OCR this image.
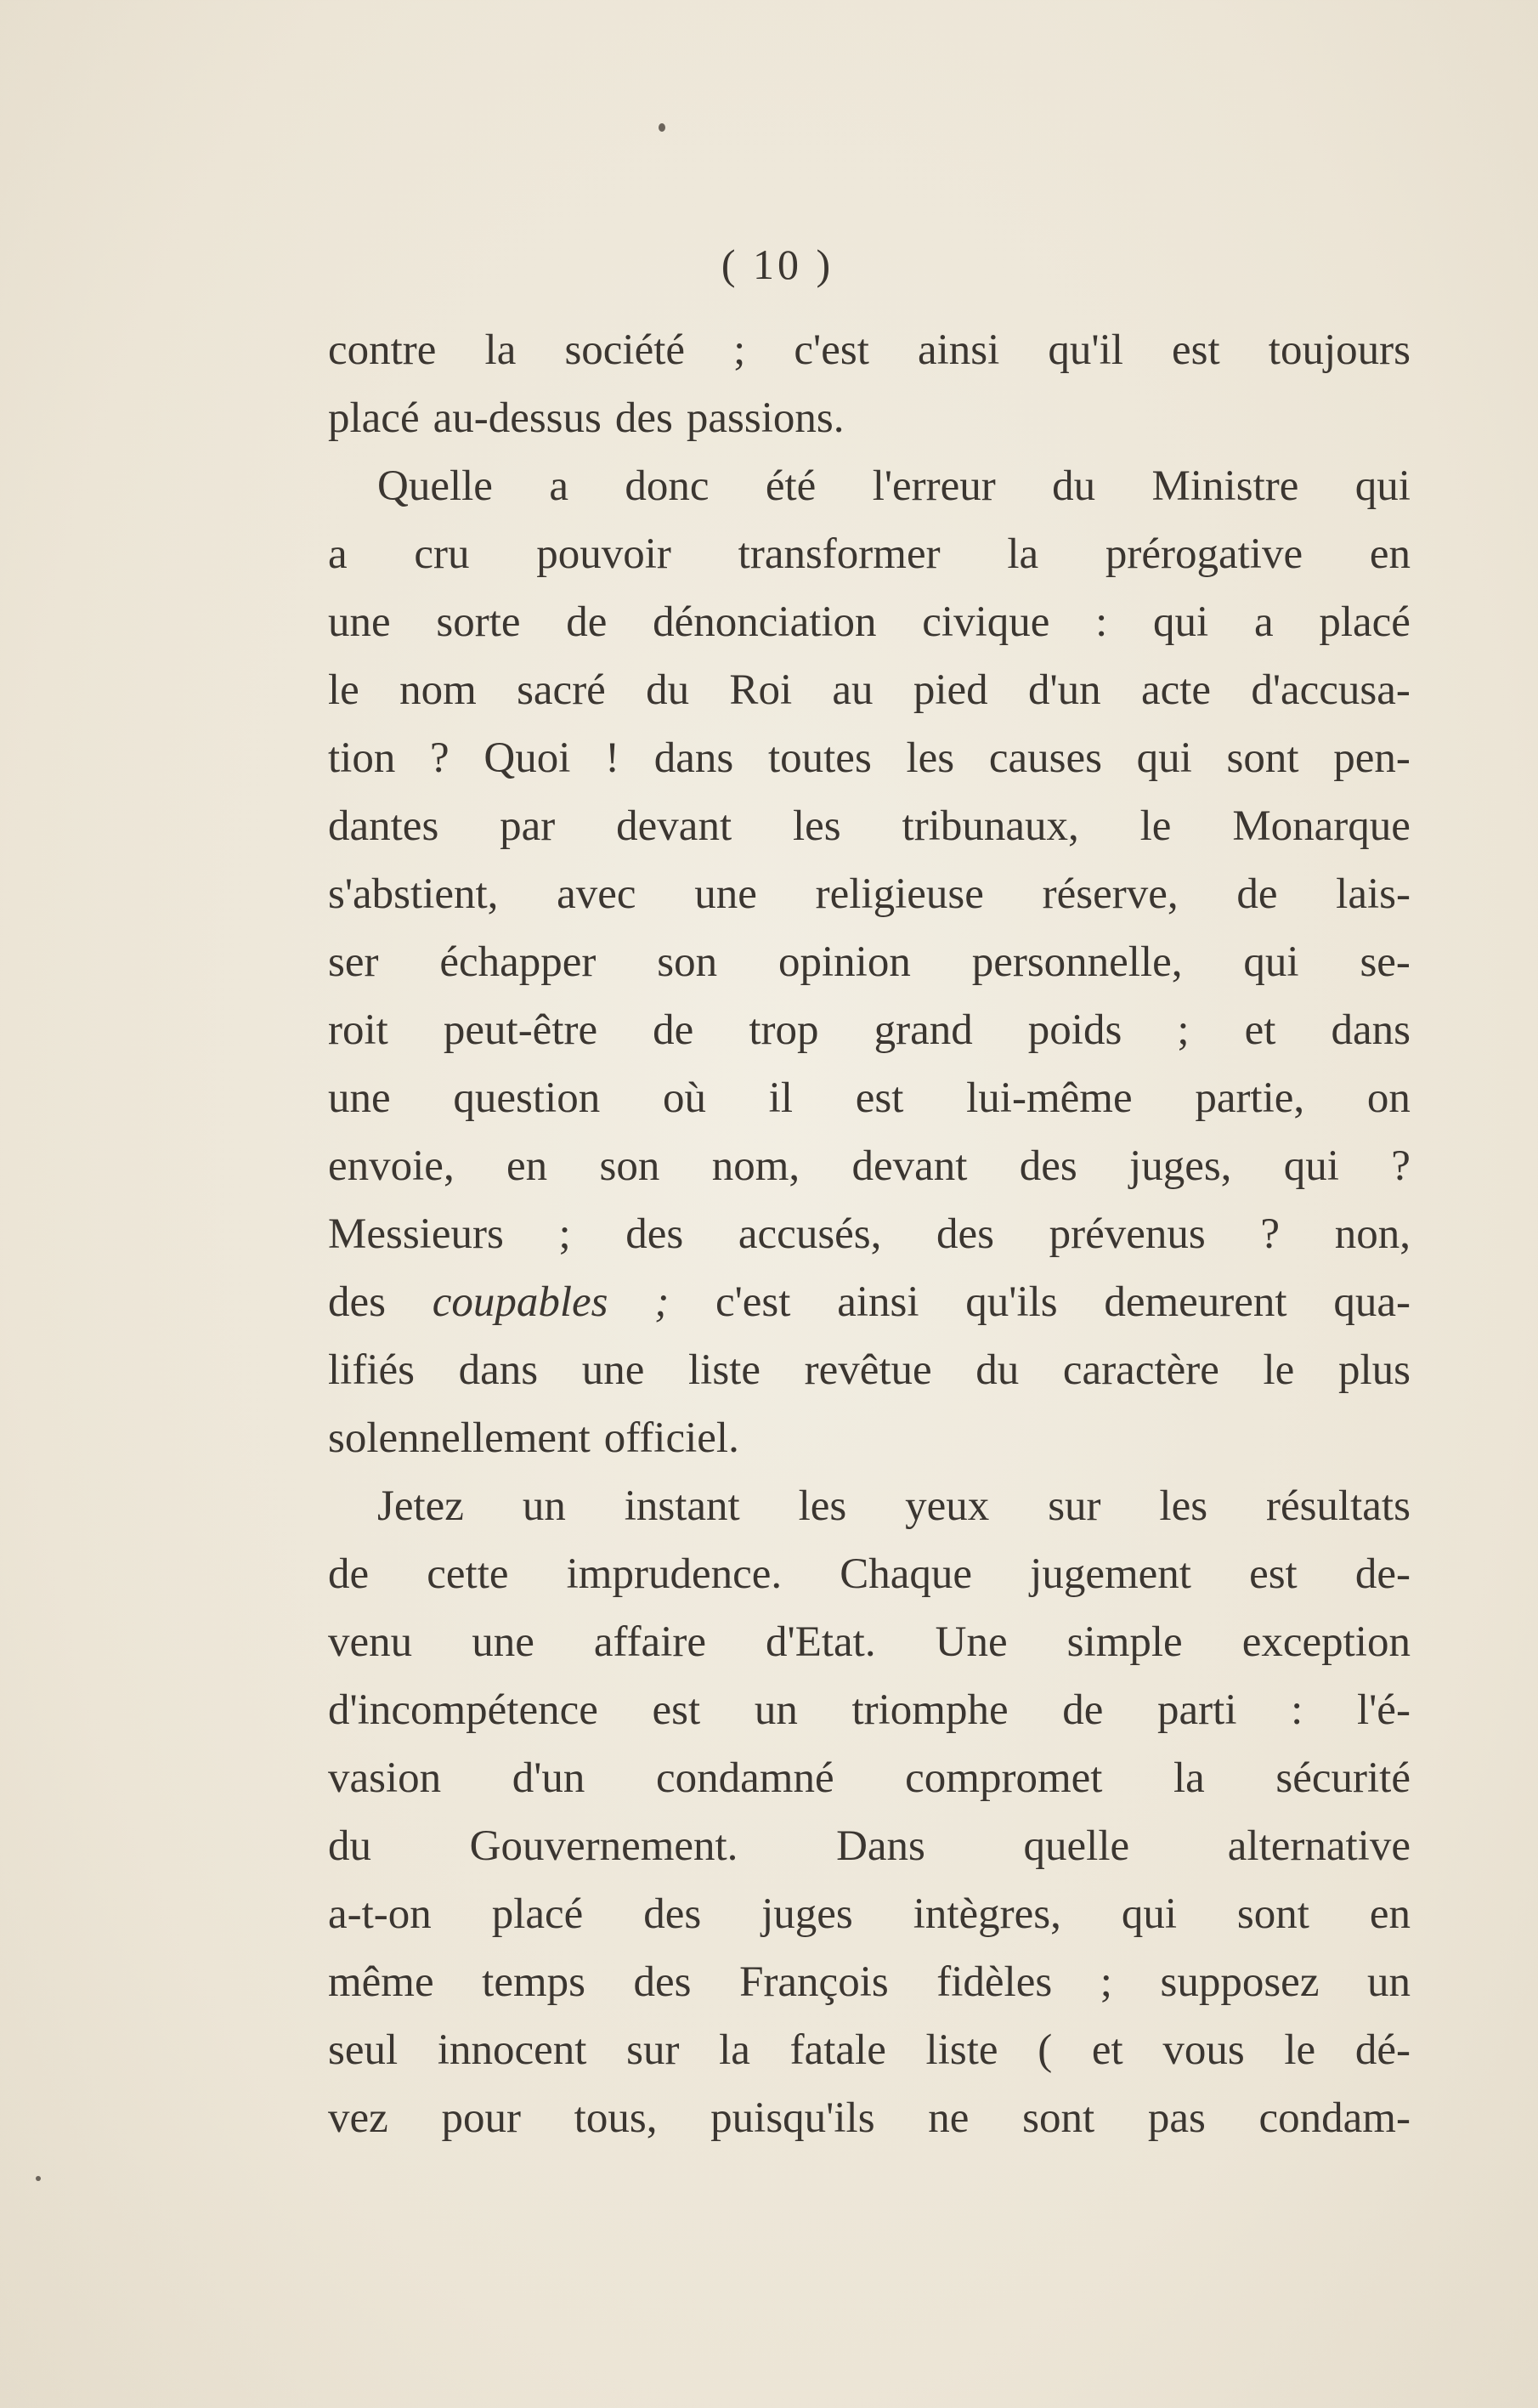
( 10 )
contre la société ; c'est ainsi qu'il est toujours
placé au-dessus des passions.
Quelle a donc été l'erreur du Ministre qui
a cru pouvoir transformer la prérogative en
une sorte de dénonciation civique : qui a placé
le nom sacré du Roi au pied d'un acte d'accusa-
tion ? Quoi ! dans toutes les causes qui sont pen-
dantes par devant les tribunaux, le Monarque
s'abstient, avec une religieuse réserve, de lais-
ser échapper son opinion personnelle, qui se-
roit peut-être de trop grand poids ; et dans
une question où il est lui-même partie, on
envoie, en son nom, devant des juges, qui ?
Messieurs ; des accusés, des prévenus ? non,
des coupables ; c'est ainsi qu'ils demeurent qua-
lifiés dans une liste revêtue du caractère le plus
solennellement officiel.
Jetez un instant les yeux sur les résultats
de cette imprudence. Chaque jugement est de-
venu une affaire d'Etat. Une simple exception
d'incompétence est un triomphe de parti : l'é-
vasion d'un condamné compromet la sécurité
du Gouvernement. Dans quelle alternative
a-t-on placé des juges intègres, qui sont en
même temps des François fidèles ; supposez un
seul innocent sur la fatale liste ( et vous le dé-
vez pour tous, puisqu'ils ne sont pas condam-
